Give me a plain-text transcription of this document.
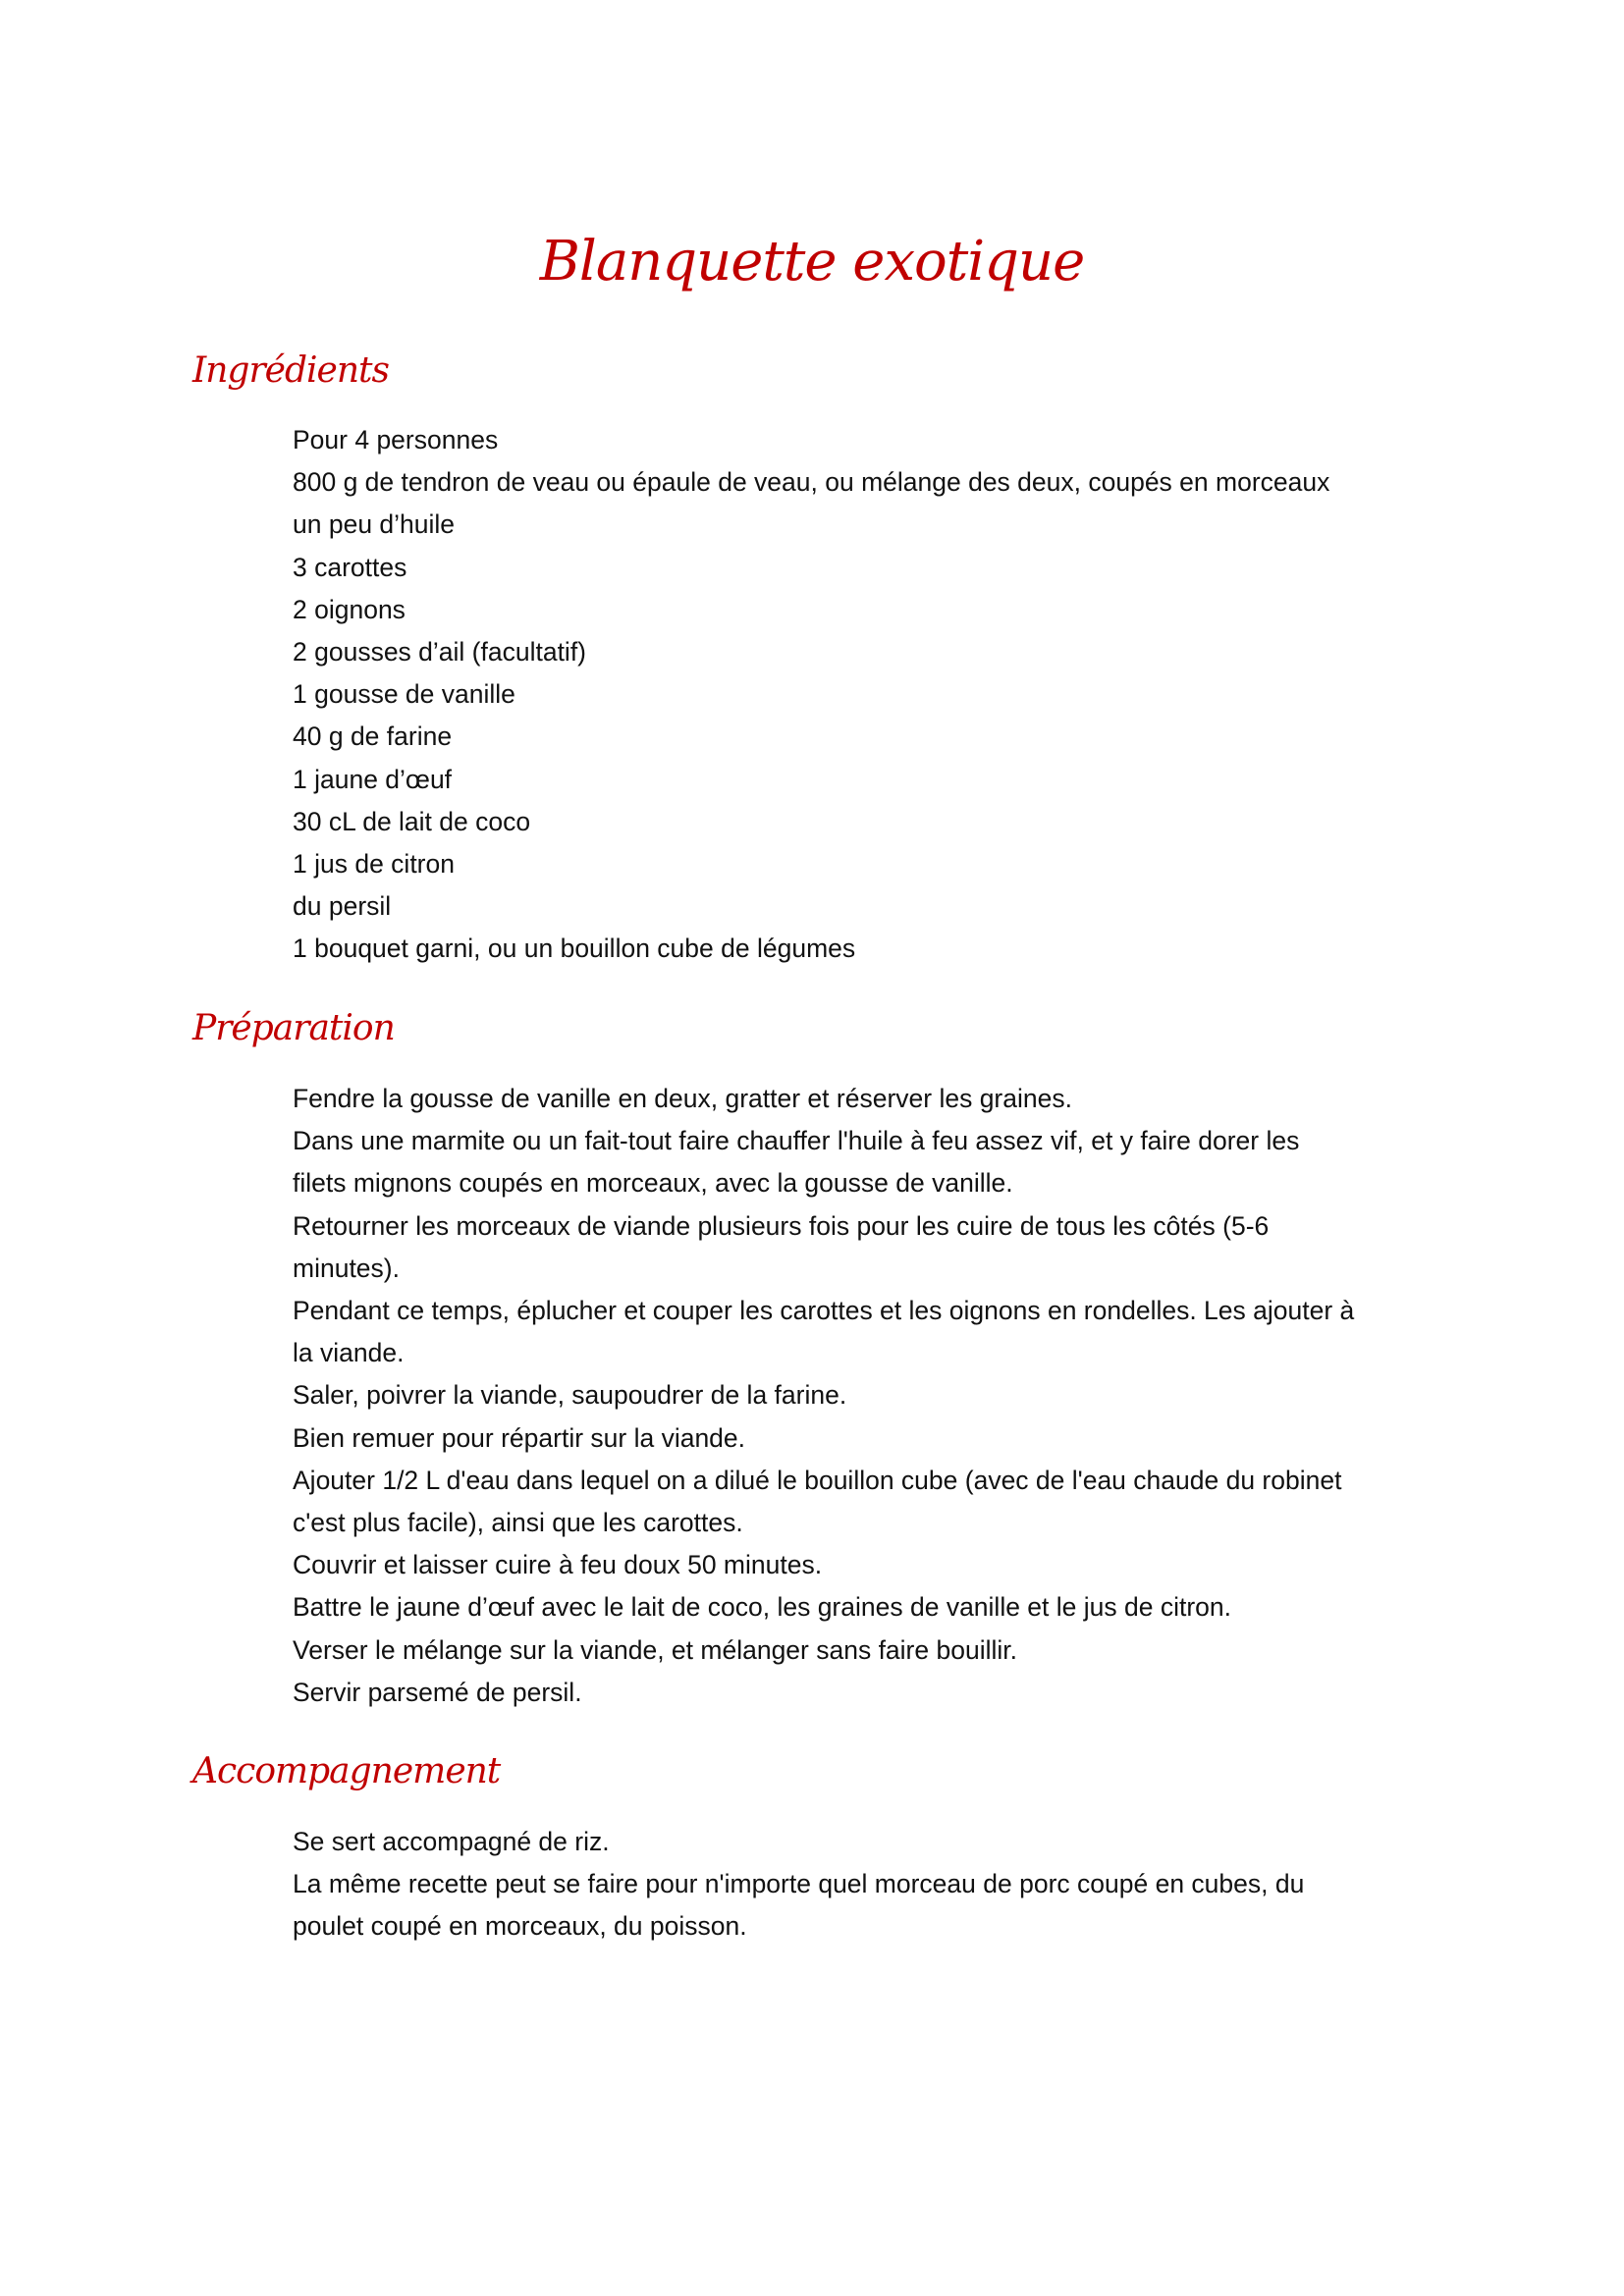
Blanquette exotique
Ingrédients
Pour 4 personnes
800 g de tendron de veau ou épaule de veau, ou mélange des deux, coupés en morceaux
un peu d’huile
3 carottes
2 oignons
2 gousses d’ail (facultatif)
1 gousse de vanille
40 g de farine
1 jaune d’œuf
30 cL de lait de coco
1 jus de citron
du persil
1 bouquet garni, ou un bouillon cube de légumes
Préparation
Fendre la gousse de vanille en deux, gratter et réserver les graines.
Dans une marmite ou un fait-tout faire chauffer l'huile à feu assez vif, et y faire dorer les
filets mignons coupés en morceaux, avec la gousse de vanille.
Retourner les morceaux de viande plusieurs fois pour les cuire de tous les côtés (5-6
minutes).
Pendant ce temps, éplucher et couper les carottes et les oignons en rondelles. Les ajouter à
la viande.
Saler, poivrer la viande, saupoudrer de la farine.
Bien remuer pour répartir sur la viande.
Ajouter 1/2 L d'eau dans lequel on a dilué le bouillon cube (avec de l'eau chaude du robinet
c'est plus facile), ainsi que les carottes.
Couvrir et laisser cuire à feu doux 50 minutes.
Battre le jaune d’œuf avec le lait de coco, les graines de vanille et le jus de citron.
Verser le mélange sur la viande, et mélanger sans faire bouillir.
Servir parsemé de persil.
Accompagnement
Se sert accompagné de riz.
La même recette peut se faire pour n'importe quel morceau de porc coupé en cubes, du
poulet coupé en morceaux, du poisson.
